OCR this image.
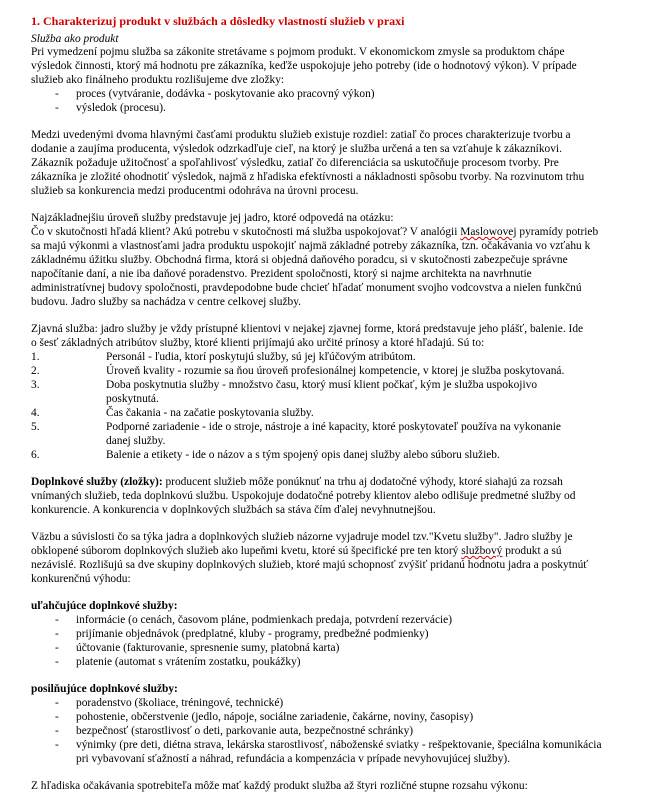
1. Charakterizuj produkt v službách a dôsledky vlastností služieb v praxi
Služba ako produkt
Pri vymedzení pojmu služba sa zákonite stretávame s pojmom produkt. V ekonomickom zmysle sa produktom chápe
výsledok činnosti, ktorý má hodnotu pre zákazníka, keďže uspokojuje jeho potreby (ide o hodnotový výkon). V prípade
služieb ako finálneho produktu rozlišujeme dve zložky:
- proces (vytváranie, dodávka - poskytovanie ako pracovný výkon)
- výsledok (procesu).
Medzi uvedenými dvoma hlavnými časťami produktu služieb existuje rozdiel: zatiaľ čo proces charakterizuje tvorbu a
dodanie a zaujíma producenta, výsledok odzrkadľuje cieľ, na ktorý je služba určená a ten sa vzťahuje k zákazníkovi.
Zákazník požaduje užitočnosť a spoľahlivosť výsledku, zatiaľ čo diferenciácia sa uskutočňuje procesom tvorby. Pre
zákazníka je zložité ohodnotiť výsledok, najmä z hľadiska efektívnosti a nákladnosti spôsobu tvorby. Na rozvinutom trhu
služieb sa konkurencia medzi producentmi odohráva na úrovni procesu.
Najzákladnejšiu úroveň služby predstavuje jej jadro, ktoré odpovedá na otázku:
Čo v skutočnosti hľadá klient? Akú potrebu v skutočnosti má služba uspokojovať? V analógii Maslowovej pyramídy potrieb
sa majú výkonmi a vlastnosťami jadra produktu uspokojiť najmä základné potreby zákazníka, tzn. očakávania vo vzťahu k
základnému úžitku služby. Obchodná firma, ktorá si objedná daňového poradcu, si v skutočnosti zabezpečuje správne
napočítanie daní, a nie iba daňové poradenstvo. Prezident spoločnosti, ktorý si najme architekta na navrhnutie
administratívnej budovy spoločnosti, pravdepodobne bude chcieť hľadať monument svojho vodcovstva a nielen funkčnú
budovu. Jadro služby sa nachádza v centre celkovej služby.
Zjavná služba: jadro služby je vždy prístupné klientovi v nejakej zjavnej forme, ktorá predstavuje jeho plášť, balenie. Ide
o šesť základných atribútov služby, ktoré klienti prijímajú ako určité prínosy a ktoré hľadajú. Sú to:
1.	Personál - ľudia, ktorí poskytujú služby, sú jej kľúčovým atribútom.
2.	Úroveň kvality - rozumie sa ňou úroveň profesionálnej kompetencie, v ktorej je služba poskytovaná.
3.	Doba poskytnutia služby - množstvo času, ktorý musí klient počkať, kým je služba uspokojivo
poskytnutá.
4.	Čas čakania - na začatie poskytovania služby.
5.	Podporné zariadenie - ide o stroje, nástroje a iné kapacity, ktoré poskytovateľ používa na vykonanie
danej služby.
6.	Balenie a etikety - ide o názov a s tým spojený opis danej služby alebo súboru služieb.
Doplnkové služby (zložky): producent služieb môže ponúknuť na trhu aj dodatočné výhody, ktoré siahajú za rozsah
vnímaných služieb, teda doplnkovú službu. Uspokojuje dodatočné potreby klientov alebo odlišuje predmetné služby od
konkurencie. A konkurencia v doplnkových službách sa stáva čím ďalej nevyhnutnejšou.
Väzbu a súvislosti čo sa týka jadra a doplnkových služieb názorne vyjadruje model tzv."Kvetu služby". Jadro služby je
obklopené súborom doplnkových služieb ako lupeňmi kvetu, ktoré sú špecifické pre ten ktorý službový produkt a sú
nezávislé. Rozlišujú sa dve skupiny doplnkových služieb, ktoré majú schopnosť zvýšiť pridanú hodnotu jadra a poskytnúť
konkurenčnú výhodu:
uľahčujúce doplnkové služby:
- informácie (o cenách, časovom pláne, podmienkach predaja, potvrdení rezervácie)
- prijímanie objednávok (predplatné, kluby - programy, predbežné podmienky)
- účtovanie (fakturovanie, spresnenie sumy, platobná karta)
- platenie (automat s vrátením zostatku, poukážky)
posilňujúce doplnkové služby:
- poradenstvo (školiace, tréningové, technické)
- pohostenie, občerstvenie (jedlo, nápoje, sociálne zariadenie, čakárne, noviny, časopisy)
- bezpečnosť (starostlivosť o deti, parkovanie auta, bezpečnostné schránky)
- výnimky (pre deti, diétna strava, lekárska starostlivosť, náboženské sviatky - rešpektovanie, špeciálna komunikácia
pri vybavovaní sťažností a náhrad, refundácia a kompenzácia v prípade nevyhovujúcej služby).
Z hľadiska očakávania spotrebiteľa môže mať každý produkt služba až štyri rozličné stupne rozsahu výkonu:
